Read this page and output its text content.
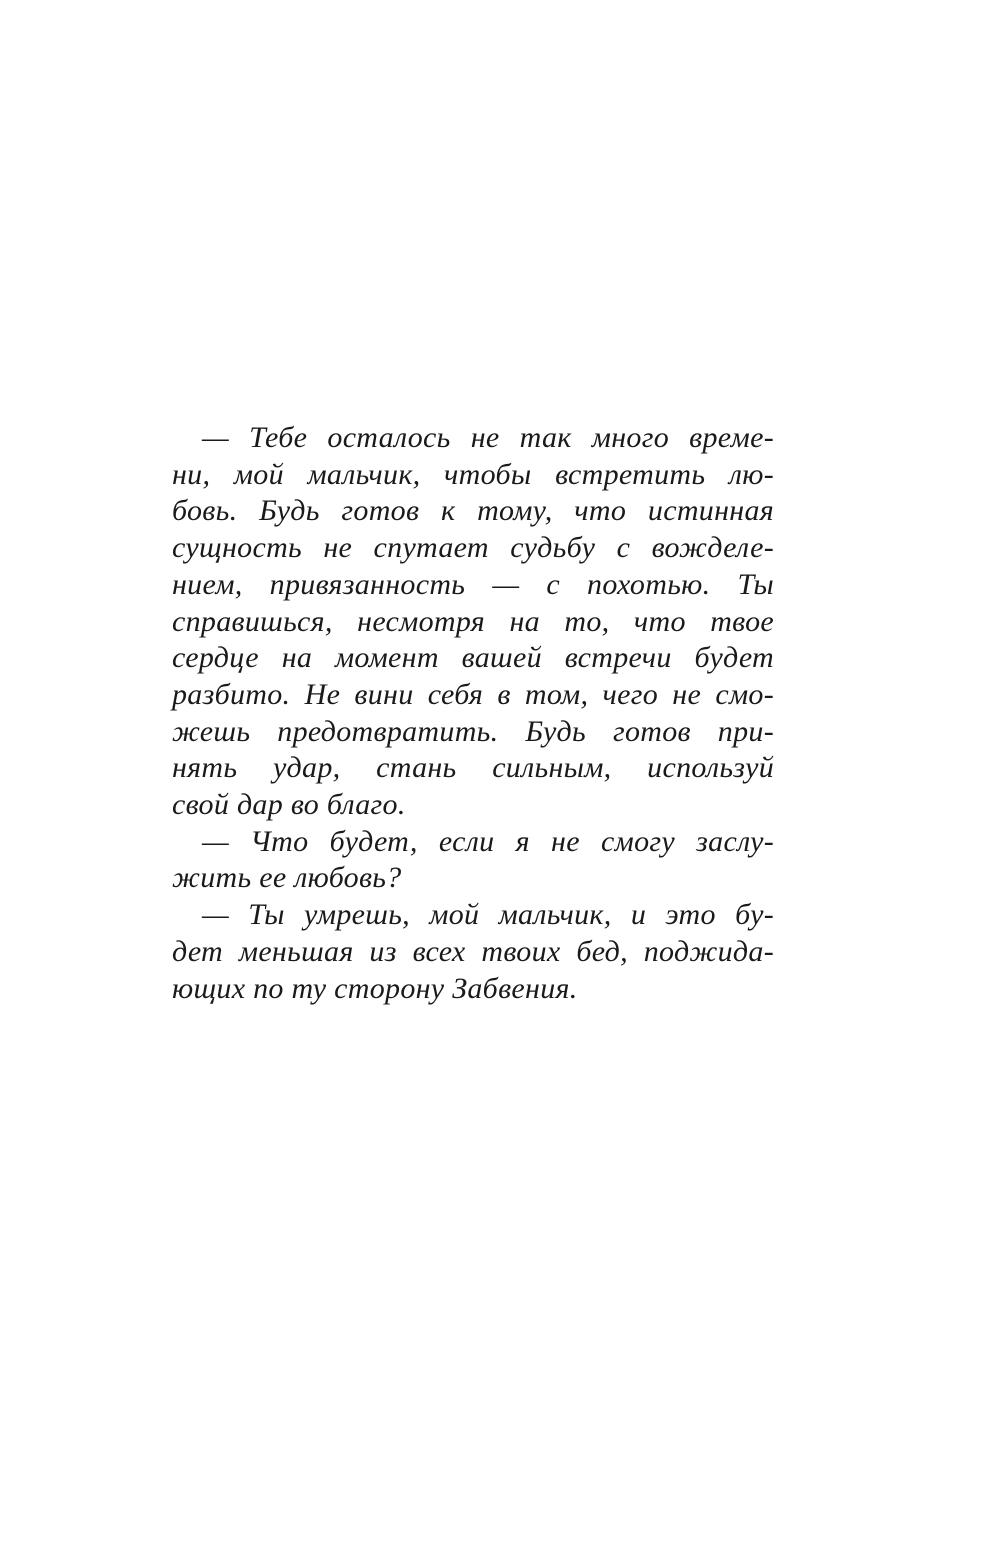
— Тебе осталось не так много време-
ни, мой мальчик, чтобы встретить лю-
бовь. Будь готов к тому, что истинная
сущность не спутает судьбу с вожделе-
нием, привязанность — с похотью. Ты
справишься, несмотря на то, что твое
сердце на момент вашей встречи будет
разбито. Не вини себя в том, чего не смо-
жешь предотвратить. Будь готов при-
нять удар, стань сильным, используй
свой дар во благо.
— Что будет, если я не смогу заслу-
жить ее любовь?
— Ты умрешь, мой мальчик, и это бу-
дет меньшая из всех твоих бед, поджида-
ющих по ту сторону Забвения.
